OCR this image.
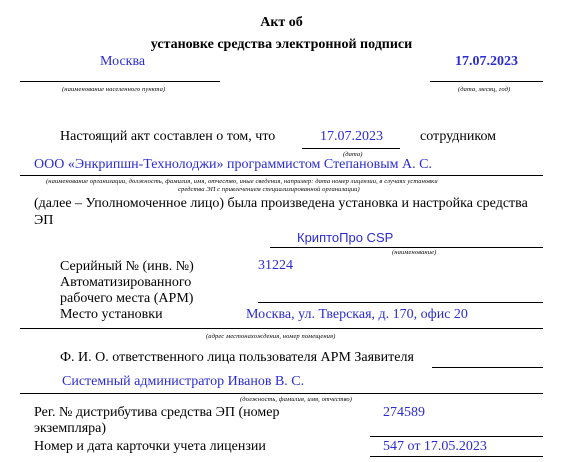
Акт об
установке средства электронной подписи
Москва	17.07.2023
(наименование населенного пункта)	(дата, месяц, год)
Настоящий акт составлен о том, что	17.07.2023	сотрудником
(дата)
ООО «Энкрипшн-Технолоджи» программистом Степановым А. С.
(наименование организации, должность, фамилия, имя, отчество, иные сведения, например: дата номер лицензии, в случаях установки
средства ЭП с привлечением специализированной организации)
(далее – Уполномоченное лицо) была произведена установка и настройка средства
ЭП
КриптоПро CSP
(наименование)
Серийный № (инв. №)	31224
Автоматизированного
рабочего места (АРМ)
Место установки	Москва, ул. Тверская, д. 170, офис 20
(адрес местонахождения, номер помещения)
Ф. И. О. ответственного лица пользователя АРМ Заявителя
Системный администратор Иванов В. С.
(должность, фамилия, имя, отчество)
Рег. № дистрибутива средства ЭП (номер	274589
экземпляра)
Номер и дата карточки учета лицензии	547 от 17.05.2023
